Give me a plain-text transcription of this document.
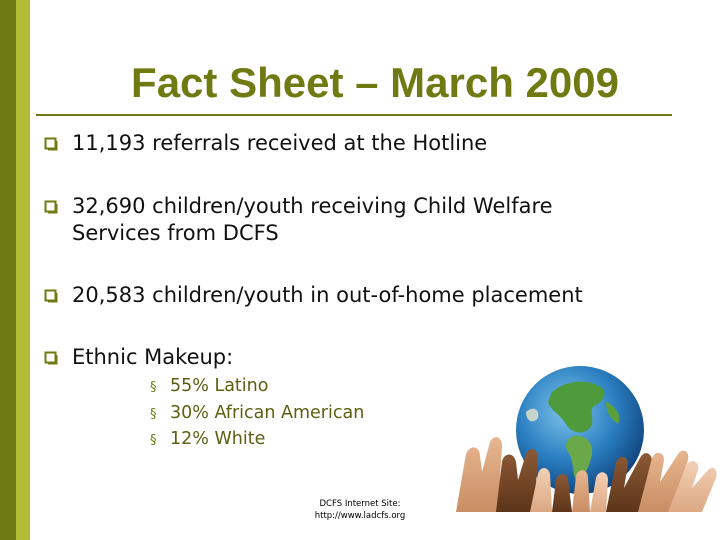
Fact Sheet – March 2009
11,193 referrals received at the Hotline
32,690 children/youth receiving Child Welfare
Services from DCFS
20,583 children/youth in out-of-home placement
Ethnic Makeup:
§ 55% Latino
§ 30% African American
§ 12% White
DCFS Internet Site:
http://www.ladcfs.org
